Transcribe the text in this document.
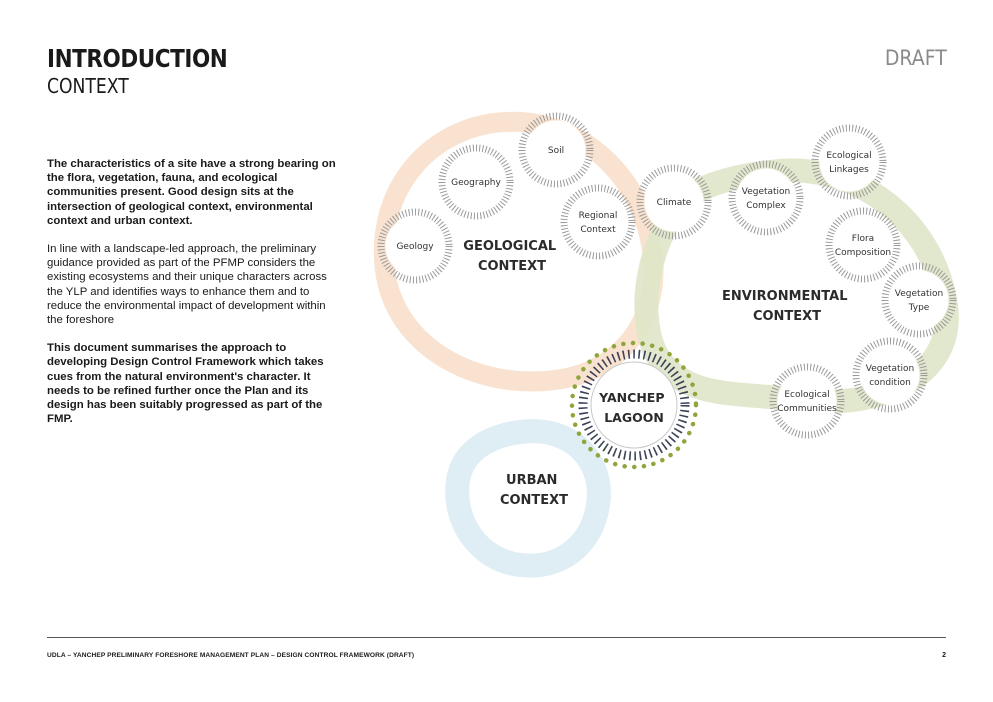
INTRODUCTION
CONTEXT
DRAFT

The characteristics of a site have a strong bearing on the flora, vegetation, fauna, and ecological communities present. Good design sits at the intersection of geological context, environmental context and urban context.

In line with a landscape-led approach, the preliminary guidance provided as part of the PFMP considers the existing ecosystems and their unique characters across the YLP and identifies ways to enhance them and to reduce the environmental impact of development within the foreshore

This document summarises the approach to developing Design Control Framework which takes cues from the natural environment's character. It needs to be refined further once the Plan and its design has been suitably progressed as part of the FMP.

GEOLOGICAL CONTEXT
ENVIRONMENTAL CONTEXT
URBAN CONTEXT
Soil
Geography
Geology
Regional Context
Climate
Vegetation Complex
Ecological Linkages
Flora Composition
Vegetation Type
Vegetation condition
Ecological Communities
YANCHEP LAGOON
UDLA – YANCHEP PRELIMINARY FORESHORE MANAGEMENT PLAN – DESIGN CONTROL FRAMEWORK (DRAFT)	2
